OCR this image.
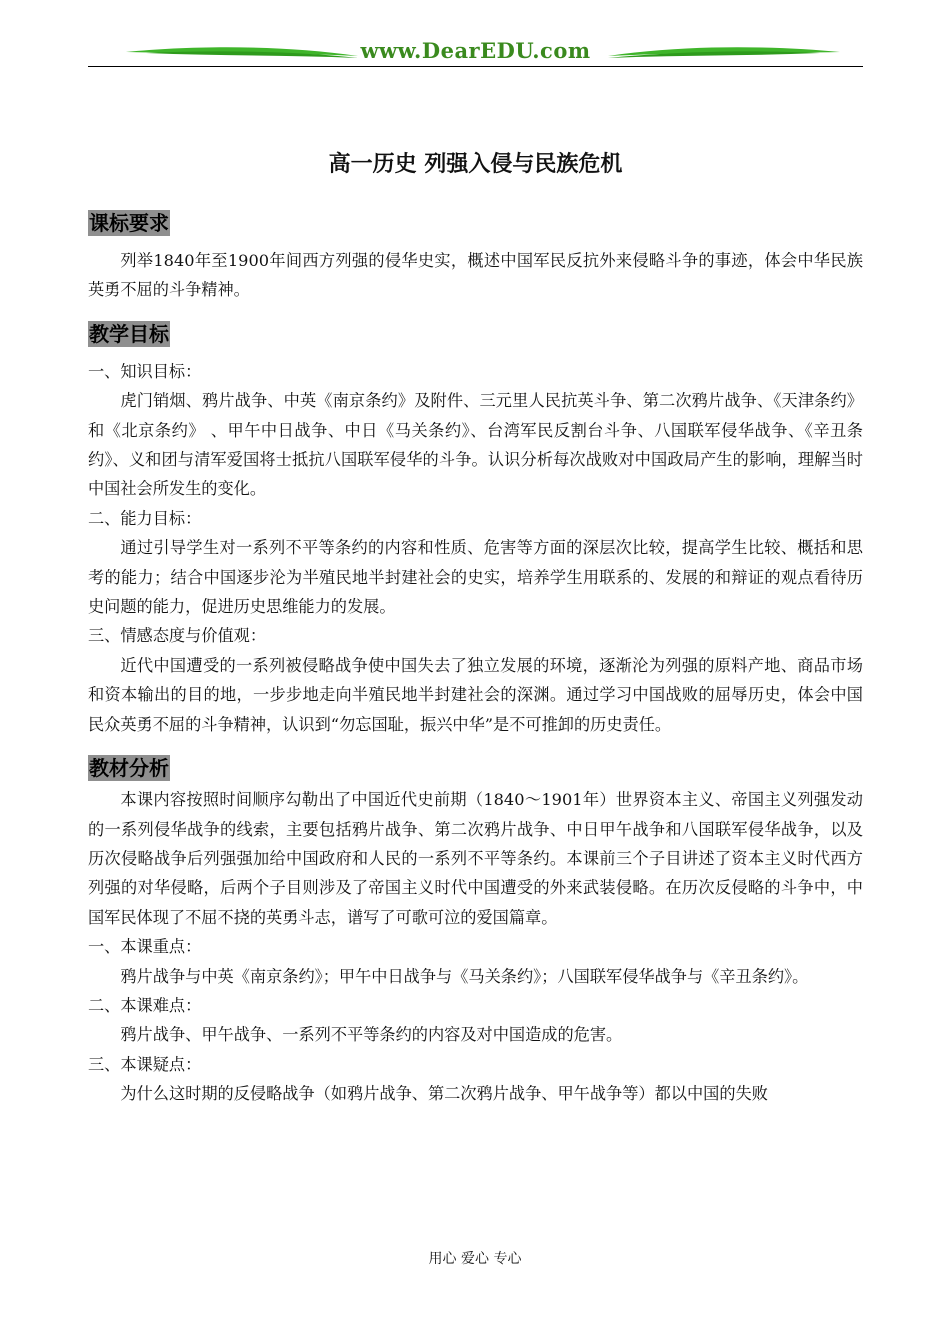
www.DearEDU.com
高一历史 列强入侵与民族危机
课标要求

列举1840年至1900年间西方列强的侵华史实，概述中国军民反抗外来侵略斗争的事迹，体会中华民族英勇不屈的斗争精神。

教学目标

一、知识目标：

虎门销烟、鸦片战争、中英《南京条约》及附件、三元里人民抗英斗争、第二次鸦片战争、《天津条约》和《北京条约》 、甲午中日战争、中日《马关条约》、台湾军民反割台斗争、八国联军侵华战争、《辛丑条约》、义和团与清军爱国将士抵抗八国联军侵华的斗争。认识分析每次战败对中国政局产生的影响，理解当时中国社会所发生的变化。

二、能力目标：

通过引导学生对一系列不平等条约的内容和性质、危害等方面的深层次比较，提高学生比较、概括和思考的能力；结合中国逐步沦为半殖民地半封建社会的史实，培养学生用联系的、发展的和辩证的观点看待历史问题的能力，促进历史思维能力的发展。

三、情感态度与价值观：

近代中国遭受的一系列被侵略战争使中国失去了独立发展的环境，逐渐沦为列强的原料产地、商品市场和资本输出的目的地，一步步地走向半殖民地半封建社会的深渊。通过学习中国战败的屈辱历史，体会中国民众英勇不屈的斗争精神，认识到“勿忘国耻，振兴中华”是不可推卸的历史责任。

教材分析

本课内容按照时间顺序勾勒出了中国近代史前期（1840～1901年）世界资本主义、帝国主义列强发动的一系列侵华战争的线索，主要包括鸦片战争、第二次鸦片战争、中日甲午战争和八国联军侵华战争，以及历次侵略战争后列强强加给中国政府和人民的一系列不平等条约。本课前三个子目讲述了资本主义时代西方列强的对华侵略，后两个子目则涉及了帝国主义时代中国遭受的外来武装侵略。在历次反侵略的斗争中，中国军民体现了不屈不挠的英勇斗志，谱写了可歌可泣的爱国篇章。

一、本课重点：

鸦片战争与中英《南京条约》；甲午中日战争与《马关条约》；八国联军侵华战争与《辛丑条约》。

二、本课难点：

鸦片战争、甲午战争、一系列不平等条约的内容及对中国造成的危害。

三、本课疑点：

为什么这时期的反侵略战争（如鸦片战争、第二次鸦片战争、甲午战争等）都以中国的失败

用心 爱心 专心
